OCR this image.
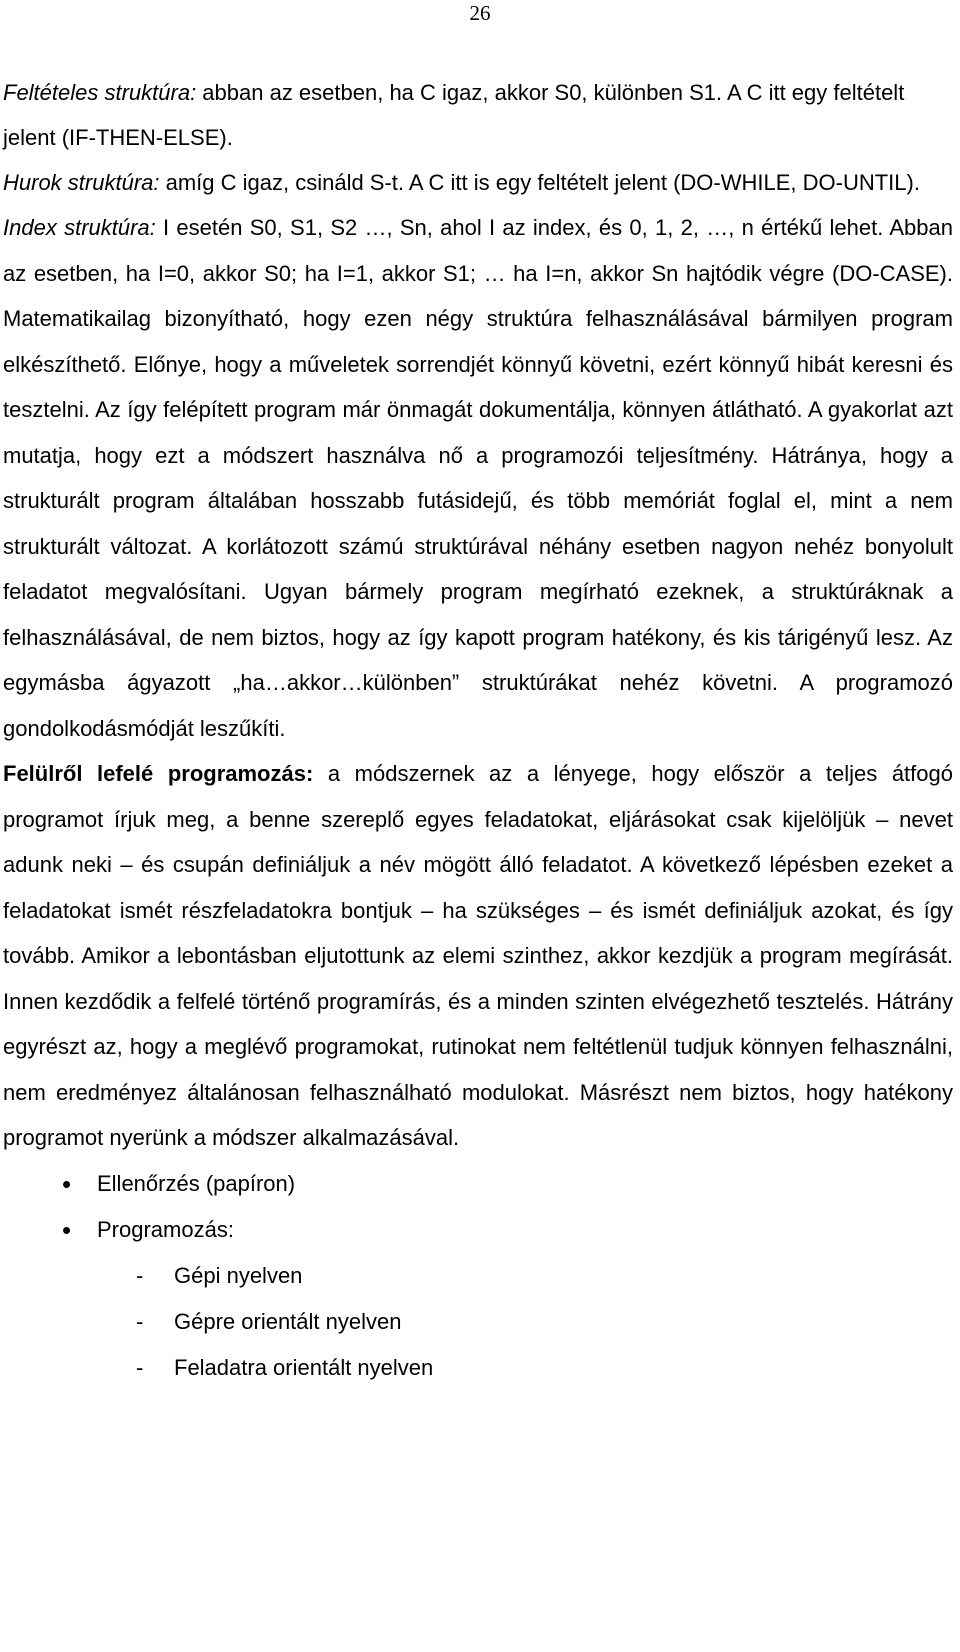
26

Feltételes struktúra: abban az esetben, ha C igaz, akkor S0, különben S1. A C itt egy feltételt jelent (IF-THEN-ELSE).

Hurok struktúra: amíg C igaz, csináld S-t. A C itt is egy feltételt jelent (DO-WHILE, DO-UNTIL).

Index struktúra: I esetén S0, S1, S2 …, Sn, ahol I az index, és 0, 1, 2, …, n értékű lehet. Abban az esetben, ha I=0, akkor S0; ha I=1, akkor S1; … ha I=n, akkor Sn hajtódik végre (DO-CASE). Matematikailag bizonyítható, hogy ezen négy struktúra felhasználásával bármilyen program elkészíthető. Előnye, hogy a műveletek sorrendjét könnyű követni, ezért könnyű hibát keresni és tesztelni. Az így felépített program már önmagát dokumentálja, könnyen átlátható. A gyakorlat azt mutatja, hogy ezt a módszert használva nő a programozói teljesítmény. Hátránya, hogy a strukturált program általában hosszabb futásidejű, és több memóriát foglal el, mint a nem strukturált változat. A korlátozott számú struktúrával néhány esetben nagyon nehéz bonyolult feladatot megvalósítani. Ugyan bármely program megírható ezeknek, a struktúráknak a felhasználásával, de nem biztos, hogy az így kapott program hatékony, és kis tárigényű lesz. Az egymásba ágyazott „ha…akkor…különben” struktúrákat nehéz követni. A programozó gondolkodásmódját leszűkíti.

Felülről lefelé programozás: a módszernek az a lényege, hogy először a teljes átfogó programot írjuk meg, a benne szereplő egyes feladatokat, eljárásokat csak kijelöljük – nevet adunk neki – és csupán definiáljuk a név mögött álló feladatot. A következő lépésben ezeket a feladatokat ismét részfeladatokra bontjuk – ha szükséges – és ismét definiáljuk azokat, és így tovább. Amikor a lebontásban eljutottunk az elemi szinthez, akkor kezdjük a program megírását. Innen kezdődik a felfelé történő programírás, és a minden szinten elvégezhető tesztelés. Hátrány egyrészt az, hogy a meglévő programokat, rutinokat nem feltétlenül tudjuk könnyen felhasználni, nem eredményez általánosan felhasználható modulokat. Másrészt nem biztos, hogy hatékony programot nyerünk a módszer alkalmazásával.

• Ellenőrzés (papíron)
• Programozás:
- Gépi nyelven
- Gépre orientált nyelven
- Feladatra orientált nyelven
